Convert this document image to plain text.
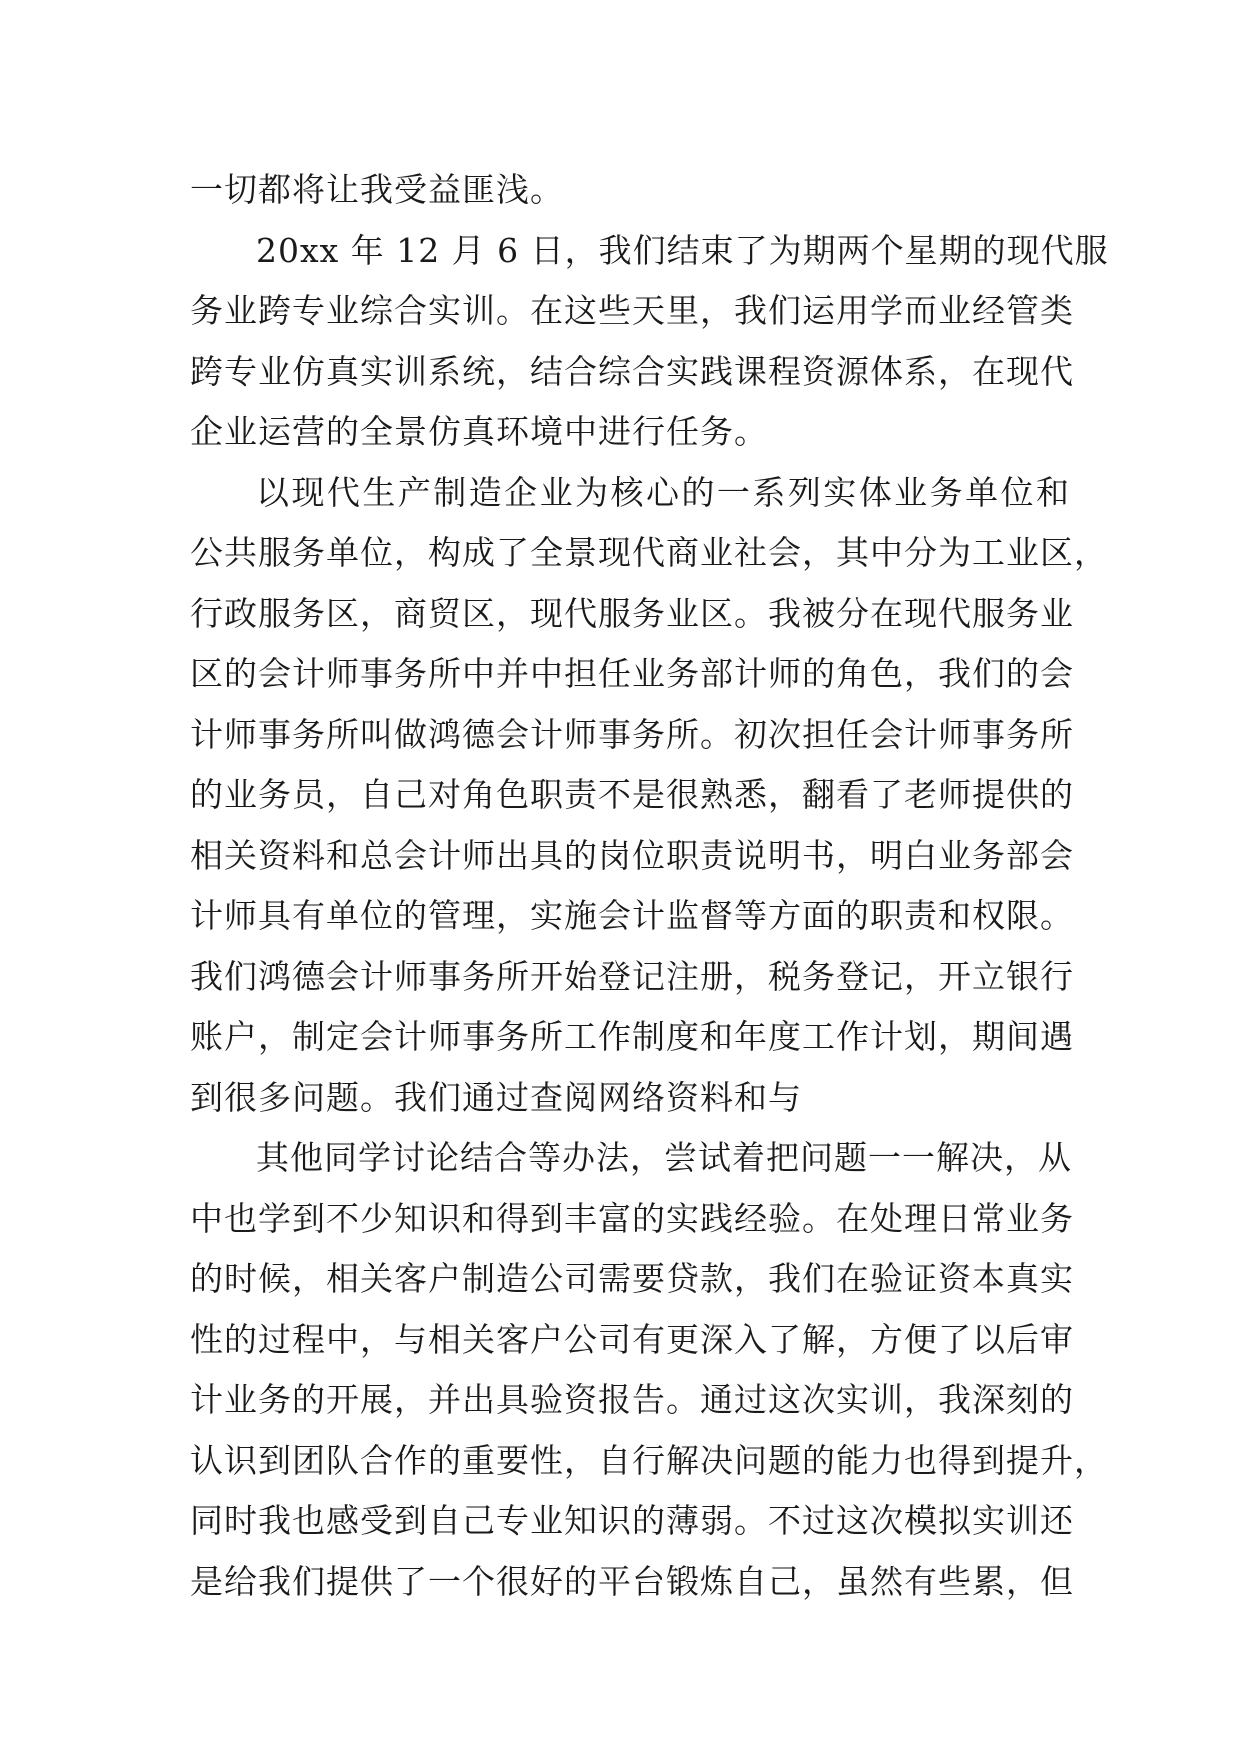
一切都将让我受益匪浅。
20xx 年 12 月 6 日，我们结束了为期两个星期的现代服
务业跨专业综合实训。在这些天里，我们运用学而业经管类
跨专业仿真实训系统，结合综合实践课程资源体系，在现代
企业运营的全景仿真环境中进行任务。
以现代生产制造企业为核心的一系列实体业务单位和
公共服务单位，构成了全景现代商业社会，其中分为工业区，
行政服务区，商贸区，现代服务业区。我被分在现代服务业
区的会计师事务所中并中担任业务部计师的角色，我们的会
计师事务所叫做鸿德会计师事务所。初次担任会计师事务所
的业务员，自己对角色职责不是很熟悉，翻看了老师提供的
相关资料和总会计师出具的岗位职责说明书，明白业务部会
计师具有单位的管理，实施会计监督等方面的职责和权限。
我们鸿德会计师事务所开始登记注册，税务登记，开立银行
账户，制定会计师事务所工作制度和年度工作计划，期间遇
到很多问题。我们通过查阅网络资料和与
其他同学讨论结合等办法，尝试着把问题一一解决，从
中也学到不少知识和得到丰富的实践经验。在处理日常业务
的时候，相关客户制造公司需要贷款，我们在验证资本真实
性的过程中，与相关客户公司有更深入了解，方便了以后审
计业务的开展，并出具验资报告。通过这次实训，我深刻的
认识到团队合作的重要性，自行解决问题的能力也得到提升，
同时我也感受到自己专业知识的薄弱。不过这次模拟实训还
是给我们提供了一个很好的平台锻炼自己，虽然有些累，但
